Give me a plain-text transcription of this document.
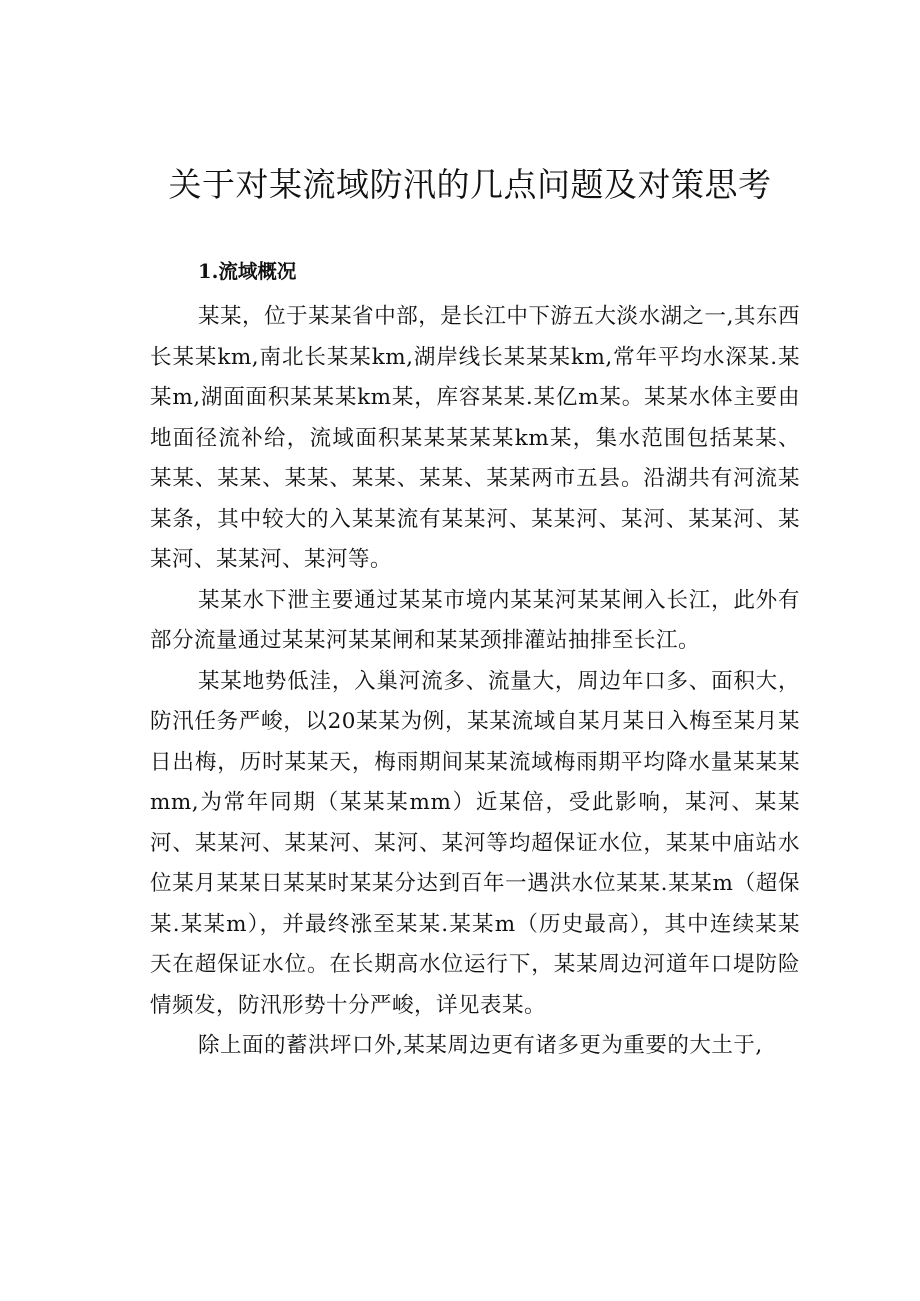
关于对某流域防汛的几点问题及对策思考
1.流域概况

某某，位于某某省中部，是长江中下游五大淡水湖之一,其东西长某某km,南北长某某km,湖岸线长某某某km,常年平均水深某.某某m,湖面面积某某某km某，库容某某.某亿m某。某某水体主要由地面径流补给，流域面积某某某某某km某，集水范围包括某某、某某、某某、某某、某某、某某、某某两市五县。沿湖共有河流某某条，其中较大的入某某流有某某河、某某河、某河、某某河、某某河、某某河、某河等。

某某水下泄主要通过某某市境内某某河某某闸入长江，此外有部分流量通过某某河某某闸和某某颈排灌站抽排至长江。

某某地势低洼，入巢河流多、流量大，周边年口多、面积大，防汛任务严峻，以20某某为例，某某流域自某月某日入梅至某月某日出梅，历时某某天，梅雨期间某某流域梅雨期平均降水量某某某mm,为常年同期（某某某mm）近某倍，受此影响，某河、某某河、某某河、某某河、某河、某河等均超保证水位，某某中庙站水位某月某某日某某时某某分达到百年一遇洪水位某某.某某m（超保某.某某m），并最终涨至某某.某某m（历史最高），其中连续某某天在超保证水位。在长期高水位运行下，某某周边河道年口堤防险情频发，防汛形势十分严峻，详见表某。

除上面的蓄洪坪口外,某某周边更有诸多更为重要的大土于,
